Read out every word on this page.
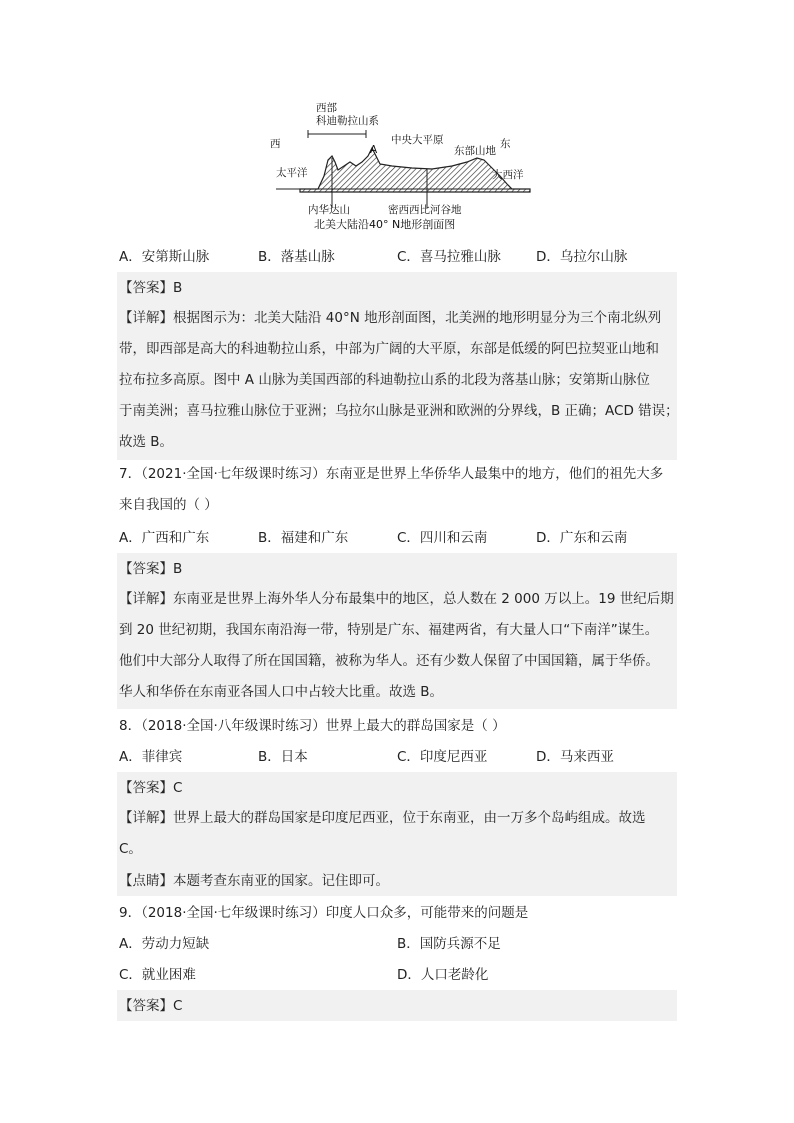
西	东
西部
科迪勒拉山系
A
中央大平原
东部山地
太平洋	大西洋
内华达山	密西西比河谷地
北美大陆沿40° N地形剖面图
A．安第斯山脉	B．落基山脉	C．喜马拉雅山脉	D．乌拉尔山脉
【答案】B
【详解】根据图示为：北美大陆沿 40°N 地形剖面图，北美洲的地形明显分为三个南北纵列
带，即西部是高大的科迪勒拉山系，中部为广阔的大平原，东部是低缓的阿巴拉契亚山地和
拉布拉多高原。图中 A 山脉为美国西部的科迪勒拉山系的北段为落基山脉；安第斯山脉位
于南美洲；喜马拉雅山脉位于亚洲；乌拉尔山脉是亚洲和欧洲的分界线，B 正确；ACD 错误；
故选 B。
7．（2021·全国·七年级课时练习）东南亚是世界上华侨华人最集中的地方，他们的祖先大多
来自我国的（ ）
A．广西和广东	B．福建和广东	C．四川和云南	D．广东和云南
【答案】B
【详解】东南亚是世界上海外华人分布最集中的地区，总人数在 2 000 万以上。19 世纪后期
到 20 世纪初期，我国东南沿海一带，特别是广东、福建两省，有大量人口“下南洋”谋生。
他们中大部分人取得了所在国国籍，被称为华人。还有少数人保留了中国国籍，属于华侨。
华人和华侨在东南亚各国人口中占较大比重。故选 B。
8．（2018·全国·八年级课时练习）世界上最大的群岛国家是（ ）
A．菲律宾	B．日本	C．印度尼西亚	D．马来西亚
【答案】C
【详解】世界上最大的群岛国家是印度尼西亚，位于东南亚，由一万多个岛屿组成。故选
C。
【点睛】本题考查东南亚的国家。记住即可。
9．（2018·全国·七年级课时练习）印度人口众多，可能带来的问题是
A．劳动力短缺	B．国防兵源不足
C．就业困难	D．人口老龄化
【答案】C
